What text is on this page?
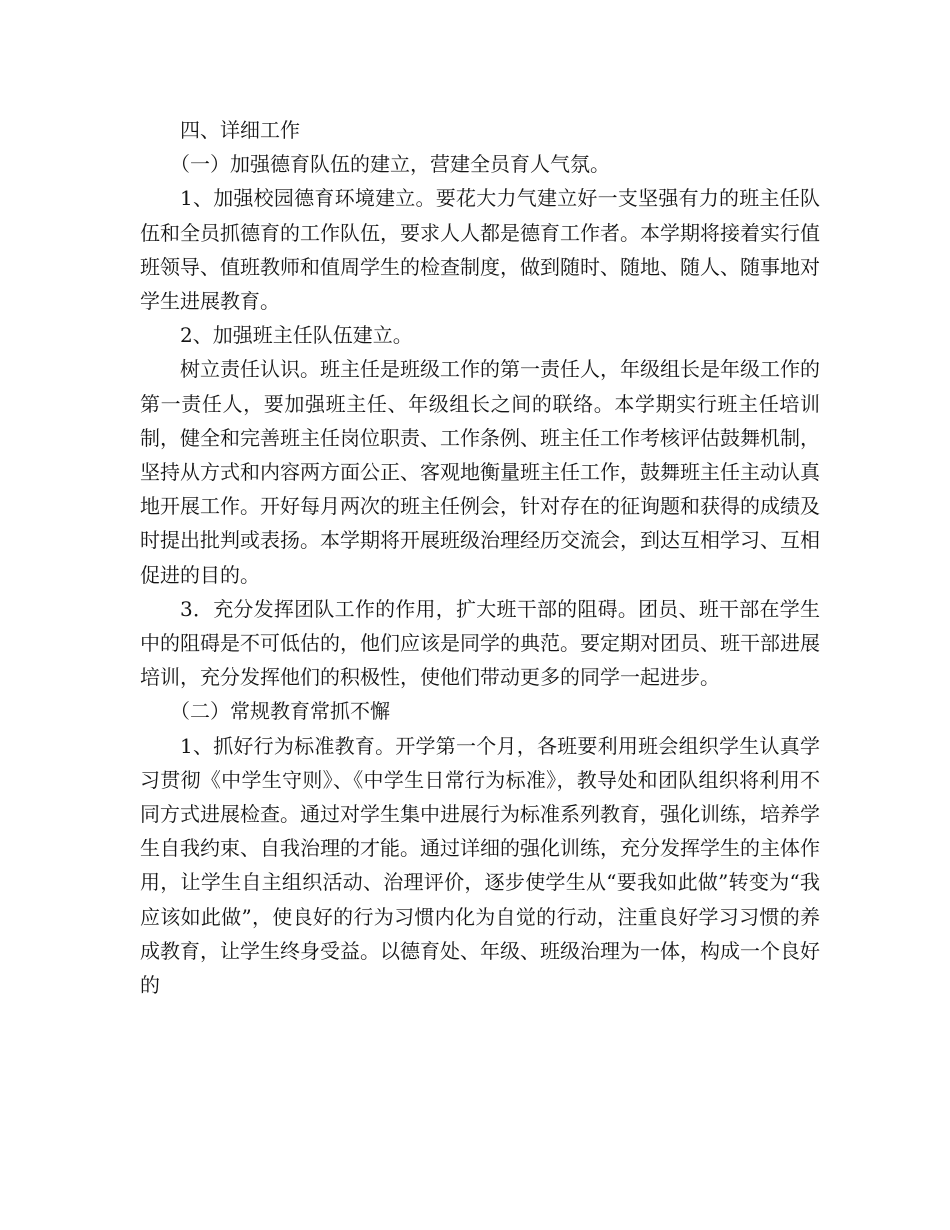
四、详细工作

（一）加强德育队伍的建立，营建全员育人气氛。

1、加强校园德育环境建立。要花大力气建立好一支坚强有力的班主任队伍和全员抓德育的工作队伍，要求人人都是德育工作者。本学期将接着实行值班领导、值班教师和值周学生的检查制度，做到随时、随地、随人、随事地对学生进展教育。

2、加强班主任队伍建立。

树立责任认识。班主任是班级工作的第一责任人，年级组长是年级工作的第一责任人，要加强班主任、年级组长之间的联络。本学期实行班主任培训制，健全和完善班主任岗位职责、工作条例、班主任工作考核评估鼓舞机制，坚持从方式和内容两方面公正、客观地衡量班主任工作，鼓舞班主任主动认真地开展工作。开好每月两次的班主任例会，针对存在的征询题和获得的成绩及时提出批判或表扬。本学期将开展班级治理经历交流会，到达互相学习、互相促进的目的。

3．充分发挥团队工作的作用，扩大班干部的阻碍。团员、班干部在学生中的阻碍是不可低估的，他们应该是同学的典范。要定期对团员、班干部进展培训，充分发挥他们的积极性，使他们带动更多的同学一起进步。

（二）常规教育常抓不懈

1、抓好行为标准教育。开学第一个月，各班要利用班会组织学生认真学习贯彻《中学生守则》、《中学生日常行为标准》，教导处和团队组织将利用不同方式进展检查。通过对学生集中进展行为标准系列教育，强化训练，培养学生自我约束、自我治理的才能。通过详细的强化训练，充分发挥学生的主体作用，让学生自主组织活动、治理评价，逐步使学生从“要我如此做”转变为“我应该如此做”，使良好的行为习惯内化为自觉的行动，注重良好学习习惯的养成教育，让学生终身受益。以德育处、年级、班级治理为一体，构成一个良好的
